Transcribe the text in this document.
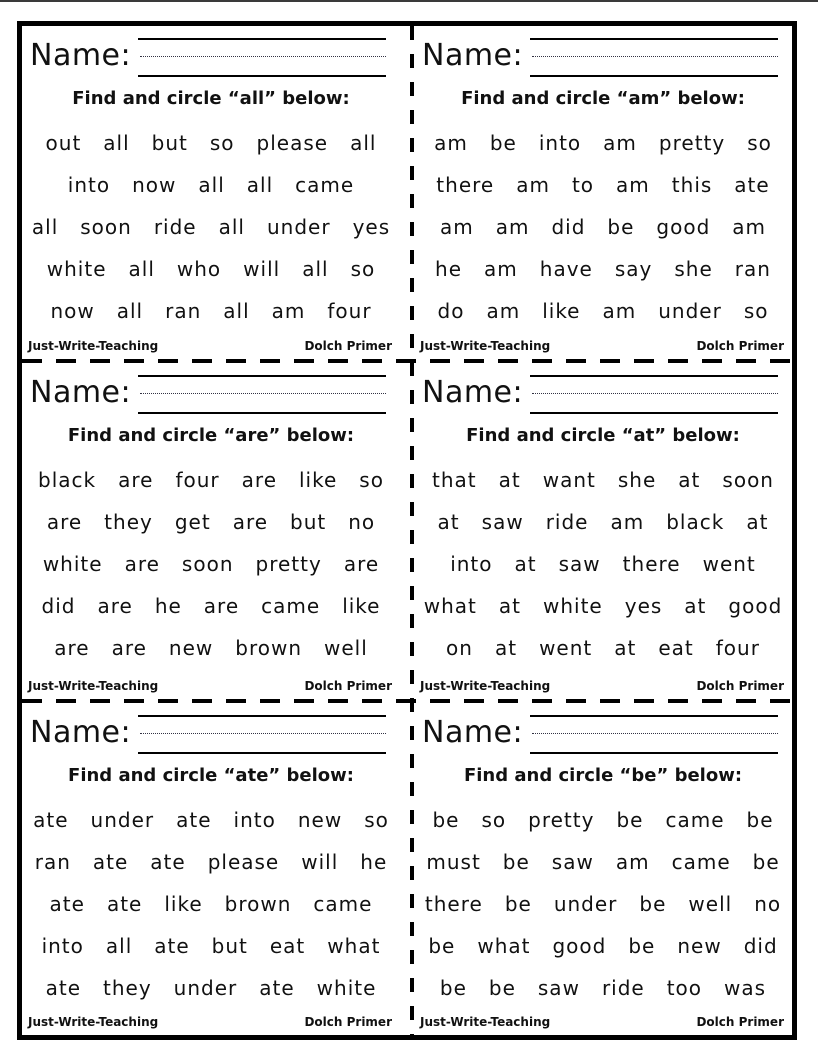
Name:
Find and circle “all” below:
out	all	but	so	please	all
into	now	all	all	came
all	soon	ride	all	under	yes
white	all	who	will	all	so
now	all	ran	all	am	four
Just-Write-Teaching	Dolch Primer
Name:
Find and circle “am” below:
am	be	into	am	pretty	so
there	am	to	am	this	ate
am	am	did	be	good	am
he	am	have	say	she	ran
do	am	like	am	under	so
Just-Write-Teaching	Dolch Primer
Name:
Find and circle “are” below:
black	are	four	are	like	so
are	they	get	are	but	no
white	are	soon	pretty	are
did	are	he	are	came	like
are	are	new	brown	well
Just-Write-Teaching	Dolch Primer
Name:
Find and circle “at” below:
that	at	want	she	at	soon
at	saw	ride	am	black	at
into	at	saw	there	went
what	at	white	yes	at	good
on	at	went	at	eat	four
Just-Write-Teaching	Dolch Primer
Name:
Find and circle “ate” below:
ate	under	ate	into	new	so
ran	ate	ate	please	will	he
ate	ate	like	brown	came
into	all	ate	but	eat	what
ate	they	under	ate	white
Just-Write-Teaching	Dolch Primer
Name:
Find and circle “be” below:
be	so	pretty	be	came	be
must	be	saw	am	came	be
there	be	under	be	well	no
be	what	good	be	new	did
be	be	saw	ride	too	was
Just-Write-Teaching	Dolch Primer
